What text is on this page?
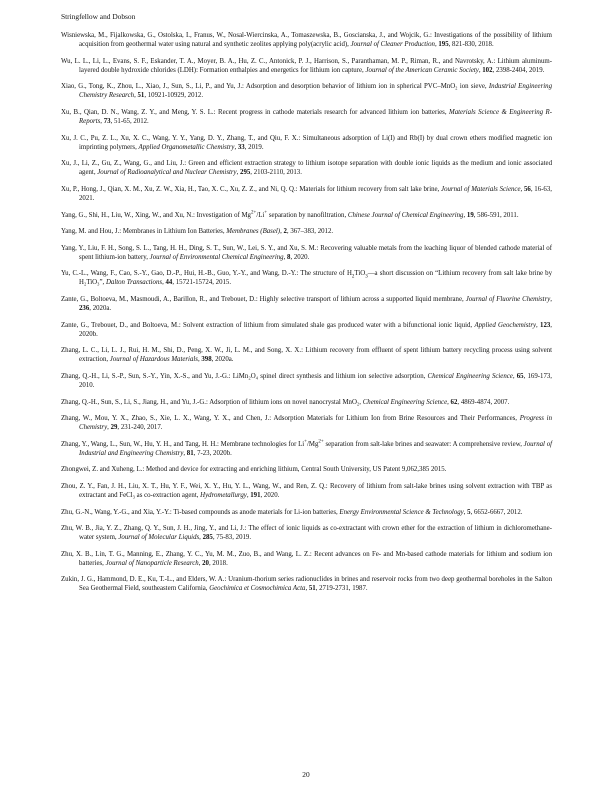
Stringfellow and Dobson

Wisniewska, M., Fijalkowska, G., Ostolska, I., Franus, W., Nosal-Wiercinska, A., Tomaszewska, B., Goscianska, J., and Wojcik, G.: Investigations of the possibility of lithium acquisition from geothermal water using natural and synthetic zeolites applying poly(acrylic acid), Journal of Cleaner Production, 195, 821-830, 2018.

Wu, L. L., Li, L., Evans, S. F., Eskander, T. A., Moyer, B. A., Hu, Z. C., Antonick, P. J., Harrison, S., Paranthaman, M. P., Riman, R., and Navrotsky, A.: Lithium aluminum-layered double hydroxide chlorides (LDH): Formation enthalpies and energetics for lithium ion capture, Journal of the American Ceramic Society, 102, 2398-2404, 2019.

Xiao, G., Tong, K., Zhou, L., Xiao, J., Sun, S., Li, P., and Yu, J.: Adsorption and desorption behavior of lithium ion in spherical PVC–MnO₂ ion sieve, Industrial Engineering Chemistry Research, 51, 10921-10929, 2012.

Xu, B., Qian, D. N., Wang, Z. Y., and Meng, Y. S. L.: Recent progress in cathode materials research for advanced lithium ion batteries, Materials Science & Engineering R-Reports, 73, 51-65, 2012.

Xu, J. C., Pu, Z. L., Xu, X. C., Wang, Y. Y., Yang, D. Y., Zhang, T., and Qiu, F. X.: Simultaneous adsorption of Li(I) and Rb(I) by dual crown ethers modified magnetic ion imprinting polymers, Applied Organometallic Chemistry, 33, 2019.

Xu, J., Li, Z., Gu, Z., Wang, G., and Liu, J.: Green and efficient extraction strategy to lithium isotope separation with double ionic liquids as the medium and ionic associated agent, Journal of Radioanalytical and Nuclear Chemistry, 295, 2103-2110, 2013.

Xu, P., Hong, J., Qian, X. M., Xu, Z. W., Xia, H., Tao, X. C., Xu, Z. Z., and Ni, Q. Q.: Materials for lithium recovery from salt lake brine, Journal of Materials Science, 56, 16-63, 2021.

Yang, G., Shi, H., Liu, W., Xing, W., and Xu, N.: Investigation of $Mg^{2+}/Li^+$ separation by nanofiltration, Chinese Journal of Chemical Engineering, 19, 586-591, 2011.

Yang, M. and Hou, J.: Membranes in Lithium Ion Batteries, Membranes (Basel), 2, 367–383, 2012.

Yang, Y., Liu, F. H., Song, S. L., Tang, H. H., Ding, S. T., Sun, W., Lei, S. Y., and Xu, S. M.: Recovering valuable metals from the leaching liquor of blended cathode material of spent lithium-ion battery, Journal of Environmental Chemical Engineering, 8, 2020.

Yu, C.-L., Wang, F., Cao, S.-Y., Gao, D.-P., Hui, H.-B., Guo, Y.-Y., and Wang, D.-Y.: The structure of $H_2TiO_3—a$ short discussion on “Lithium recovery from salt lake brine by H₂TiO₃”, Dalton Transactions, 44, 15721-15724, 2015.

Zante, G., Boltoeva, M., Masmoudi, A., Barillon, R., and Trebouet, D.: Highly selective transport of lithium across a supported liquid membrane, Journal of Fluorine Chemistry, 236, 2020a.

Zante, G., Trebouet, D., and Boltoeva, M.: Solvent extraction of lithium from simulated shale gas produced water with a bifunctional ionic liquid, Applied Geochemistry, 123, 2020b.

Zhang, L. C., Li, L. J., Rui, H. M., Shi, D., Peng, X. W., Ji, L. M., and Song, X. X.: Lithium recovery from effluent of spent lithium battery recycling process using solvent extraction, Journal of Hazardous Materials, 398, 2020a.

Zhang, Q.-H., Li, S.-P., Sun, S.-Y., Yin, X.-S., and Yu, J.-G.: LiMn₂O₄ spinel direct synthesis and lithium ion selective adsorption, Chemical Engineering Science, 65, 169-173, 2010.

Zhang, Q.-H., Sun, S., Li, S., Jiang, H., and Yu, J.-G.: Adsorption of lithium ions on novel nanocrystal MnO₂, Chemical Engineering Science, 62, 4869-4874, 2007.

Zhang, W., Mou, Y. X., Zhao, S., Xie, L. X., Wang, Y. X., and Chen, J.: Adsorption Materials for Lithium Ion from Brine Resources and Their Performances, Progress in Chemistry, 29, 231-240, 2017.

Zhang, Y., Wang, L., Sun, W., Hu, Y. H., and Tang, H. H.: Membrane technologies for $Li^+/Mg^{2+}$ separation from salt-lake brines and seawater: A comprehensive review, Journal of Industrial and Engineering Chemistry, 81, 7-23, 2020b.

Zhongwei, Z. and Xuheng, L.: Method and device for extracting and enriching lithium, Central South University, US Patent 9,062,385 2015.

Zhou, Z. Y., Fan, J. H., Liu, X. T., Hu, Y. F., Wei, X. Y., Hu, Y. L., Wang, W., and Ren, Z. Q.: Recovery of lithium from salt-lake brines using solvent extraction with TBP as extractant and FeCl₃ as co-extraction agent, Hydrometallurgy, 191, 2020.

Zhu, G.-N., Wang, Y.-G., and Xia, Y.-Y.: Ti-based compounds as anode materials for Li-ion batteries, Energy Environmental Science & Technology, 5, 6652-6667, 2012.

Zhu, W. B., Jia, Y. Z., Zhang, Q. Y., Sun, J. H., Jing, Y., and Li, J.: The effect of ionic liquids as co-extractant with crown ether for the extraction of lithium in dichloromethane-water system, Journal of Molecular Liquids, 285, 75-83, 2019.

Zhu, X. B., Lin, T. G., Manning, E., Zhang, Y. C., Yu, M. M., Zuo, B., and Wang, L. Z.: Recent advances on Fe- and Mn-based cathode materials for lithium and sodium ion batteries, Journal of Nanoparticle Research, 20, 2018.

Zukin, J. G., Hammond, D. E., Ku, T.-L., and Elders, W. A.: Uranium-thorium series radionuclides in brines and reservoir rocks from two deep geothermal boreholes in the Salton Sea Geothermal Field, southeastern California, Geochimica et Cosmochimica Acta, 51, 2719-2731, 1987.

20
